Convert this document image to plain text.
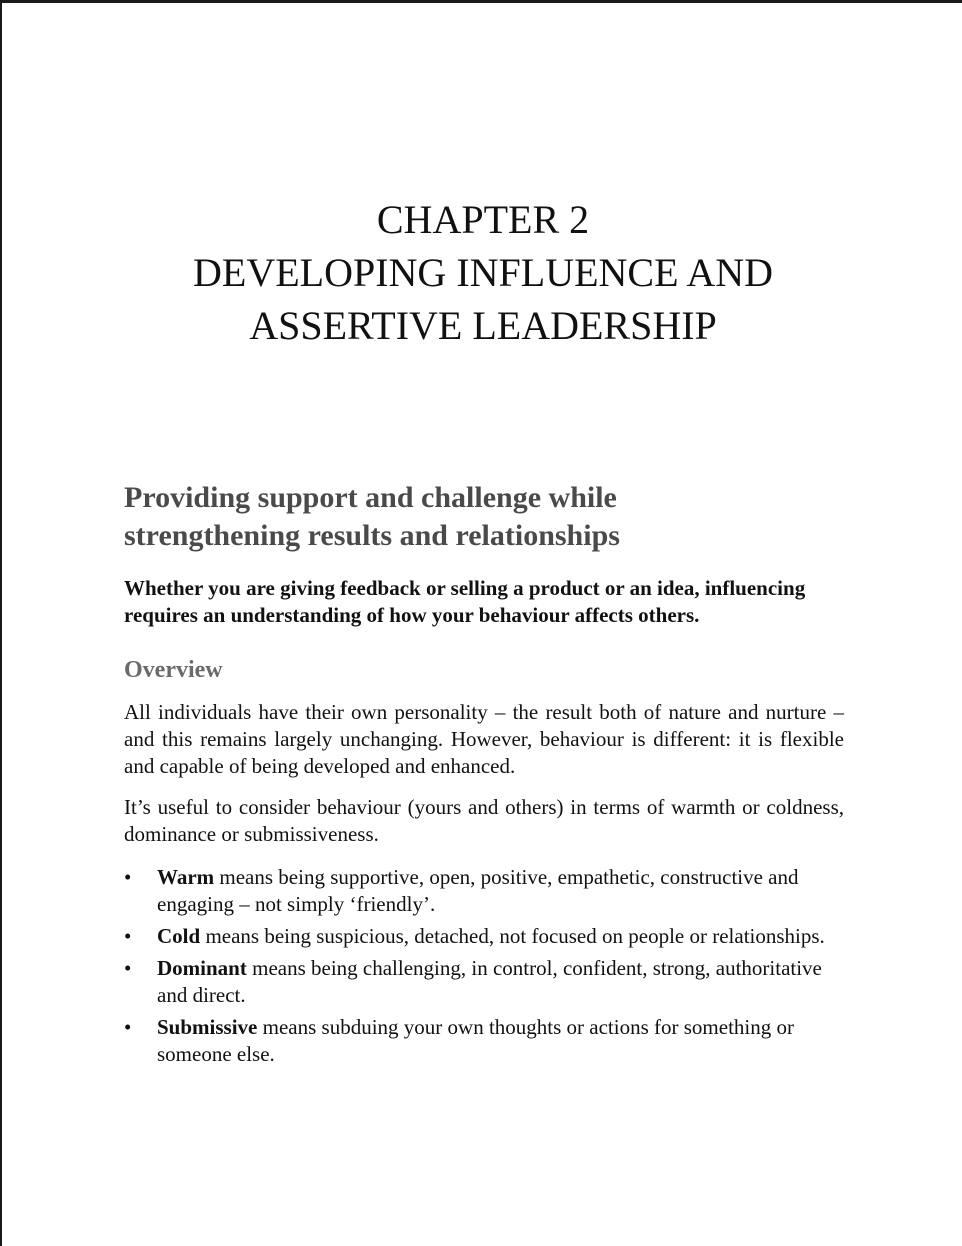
CHAPTER 2
DEVELOPING INFLUENCE AND
ASSERTIVE LEADERSHIP
Providing support and challenge while
strengthening results and relationships

Whether you are giving feedback or selling a product or an idea, influencing requires an understanding of how your behaviour affects others.

Overview

All individuals have their own personality – the result both of nature and nurture – and this remains largely unchanging. However, behaviour is different: it is flexible and capable of being developed and enhanced.

It’s useful to consider behaviour (yours and others) in terms of warmth or coldness, dominance or submissiveness.

•	Warm means being supportive, open, positive, empathetic, constructive and engaging – not simply ‘friendly’.
•	Cold means being suspicious, detached, not focused on people or relationships.
•	Dominant means being challenging, in control, confident, strong, authoritative and direct.
•	Submissive means subduing your own thoughts or actions for something or someone else.
